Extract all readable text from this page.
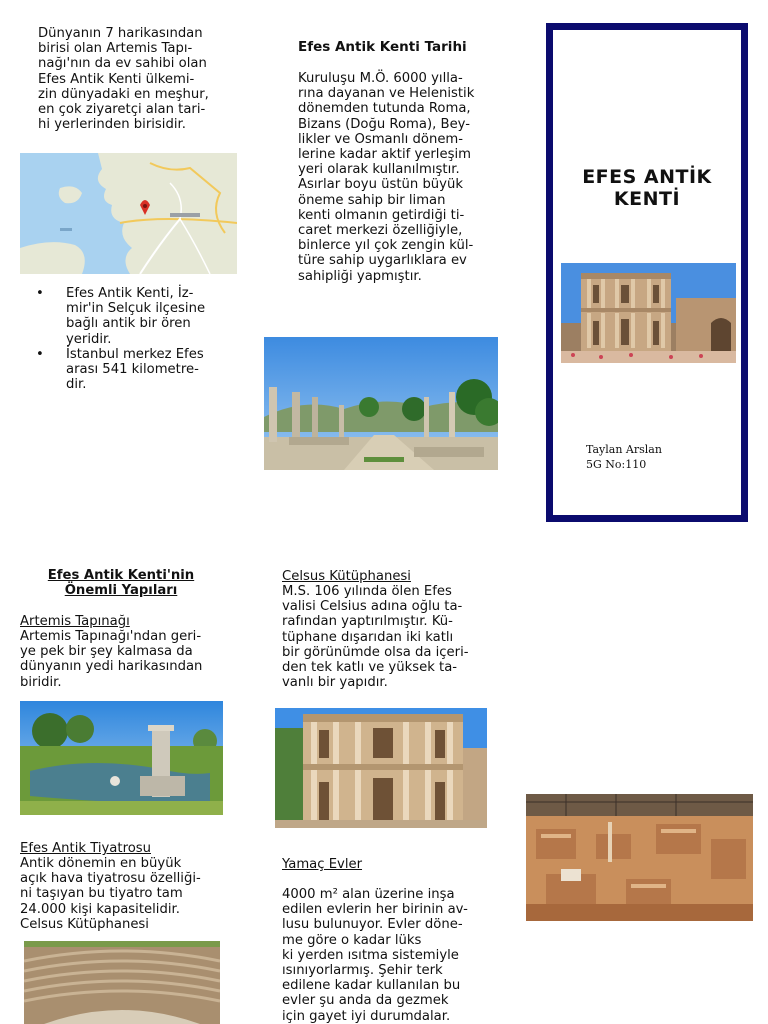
Dünyanın 7 harikasından
birisi olan Artemis Tapı-
nağı'nın da ev sahibi olan
Efes Antik Kenti ülkemi-
zin dünyadaki en meşhur,
en çok ziyaretçi alan tari-
hi yerlerinden birisidir.
• Efes Antik Kenti, İz-
mir'in Selçuk ilçesine
bağlı antik bir ören
yeridir.
• İstanbul merkez Efes
arası 541 kilometre-
dir.
Efes Antik Kenti Tarihi
Kuruluşu M.Ö. 6000 yılla-
rına dayanan ve Helenistik
dönemden tutunda Roma,
Bizans (Doğu Roma), Bey-
likler ve Osmanlı dönem-
lerine kadar aktif yerleşim
yeri olarak kullanılmıştır.
Asırlar boyu üstün büyük
öneme sahip bir liman
kenti olmanın getirdiği ti-
caret merkezi özelliğiyle,
binlerce yıl çok zengin kül-
türe sahip uygarlıklara ev
sahipliği yapmıştır.
EFES ANTİK
KENTİ
Taylan Arslan
5G No:110
Efes Antik Kenti'nin
Önemli Yapıları
Artemis Tapınağı
Artemis Tapınağı'ndan geri-
ye pek bir şey kalmasa da
dünyanın yedi harikasından
biridir.
Efes Antik Tiyatrosu
Antik dönemin en büyük
açık hava tiyatrosu özelliği-
ni taşıyan bu tiyatro tam
24.000 kişi kapasitelidir.
Celsus Kütüphanesi
Celsus Kütüphanesi
M.S. 106 yılında ölen Efes
valisi Celsius adına oğlu ta-
rafından yaptırılmıştır. Kü-
tüphane dışarıdan iki katlı
bir görünümde olsa da içeri-
den tek katlı ve yüksek ta-
vanlı bir yapıdır.
Yamaç Evler
4000 m² alan üzerine inşa
edilen evlerin her birinin av-
lusu bulunuyor. Evler döne-
me göre o kadar lüks
ki yerden ısıtma sistemiyle
ısınıyorlarmış. Şehir terk
edilene kadar kullanılan bu
evler şu anda da gezmek
için gayet iyi durumdalar.
